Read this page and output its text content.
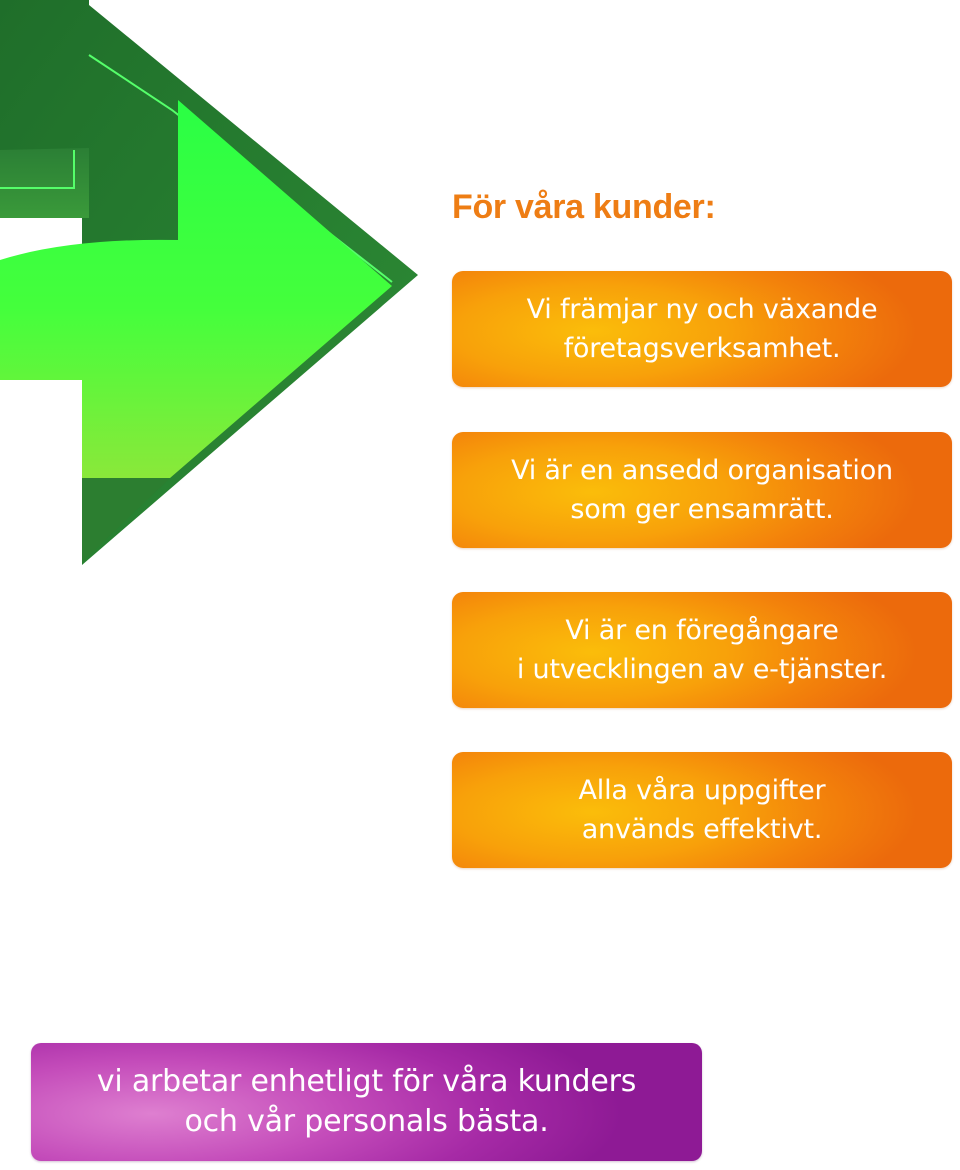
För våra kunder:
Vi främjar ny och växande
företagsverksamhet.
Vi är en ansedd organisation
som ger ensamrätt.
Vi är en föregångare
i utvecklingen av e-tjänster.
Alla våra uppgifter
används effektivt.
vi arbetar enhetligt för våra kunders
och vår personals bästa.
